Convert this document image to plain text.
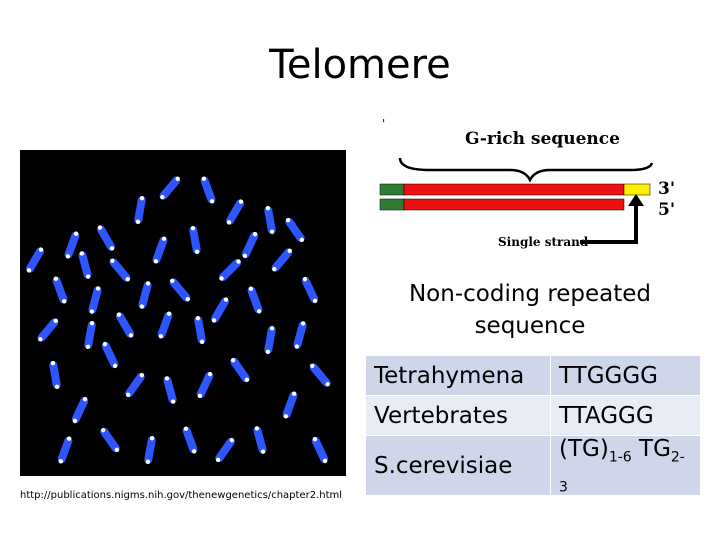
Telomere
http://publications.nigms.nih.gov/thenewgenetics/chapter2.html
'
G-rich sequence
3'
5'
Single strand
Non-coding repeated sequence
Tetrahymena	TTGGGG
Vertebrates	TTAGGG
S.cerevisiae	$(TG)_{1-6}$ $TG_{2-3}$
